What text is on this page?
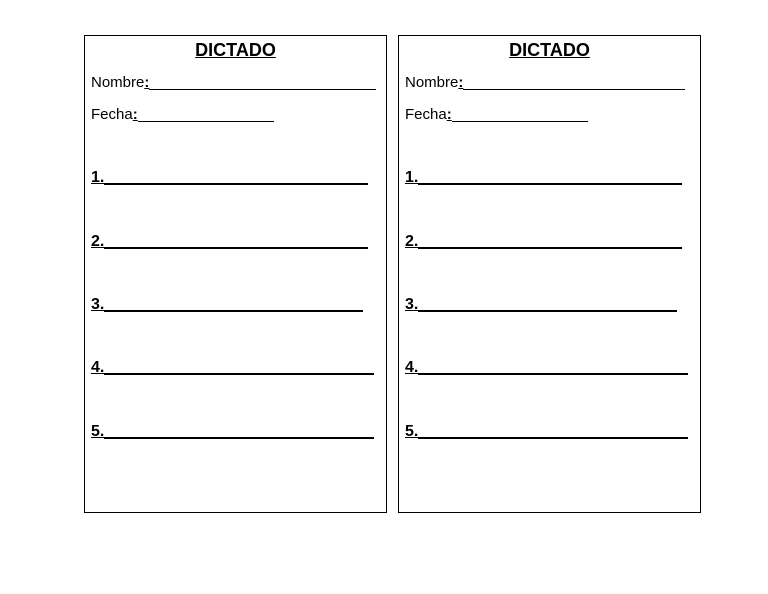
DICTADO
Nombre :
Fecha :
1.
2.
3.
4.
5.
DICTADO
Nombre :
Fecha :
1.
2.
3.
4.
5.
